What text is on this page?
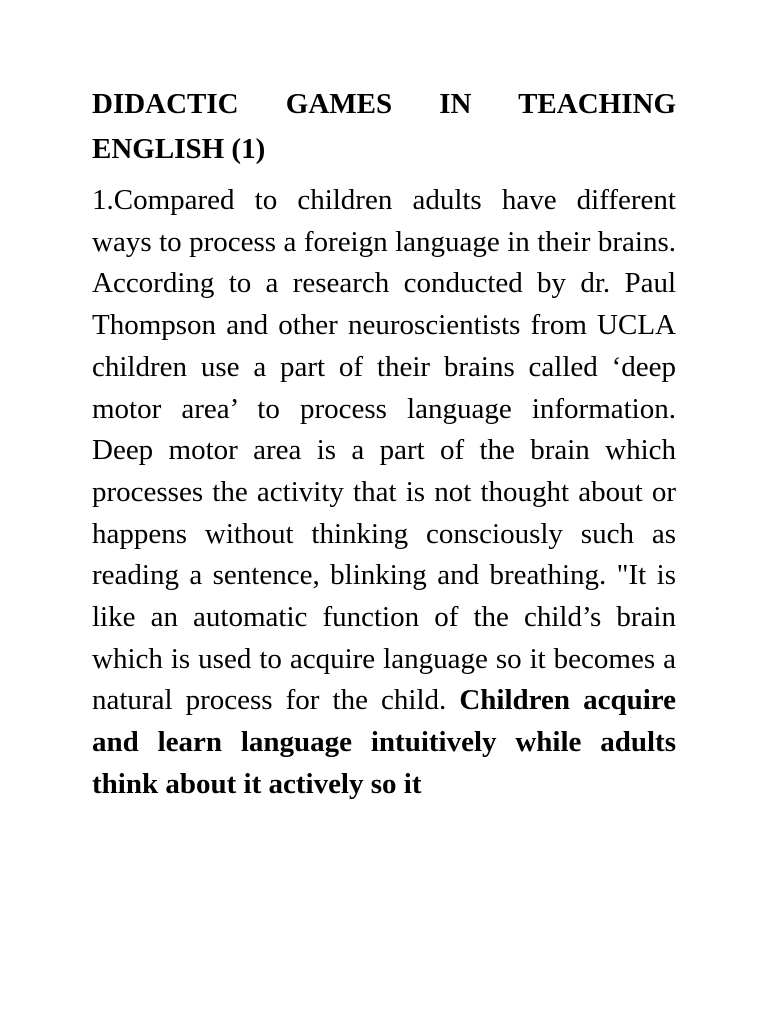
DIDACTIC GAMES IN TEACHING ENGLISH (1)

1.Compared to children adults have different ways to process a foreign language in their brains. According to a research conducted by dr. Paul Thompson and other neuroscientists from UCLA children use a part of their brains called ‘deep motor area’ to process language information. Deep motor area is a part of the brain which processes the activity that is not thought about or happens without thinking consciously such as reading a sentence, blinking and breathing. "It is like an automatic function of the child’s brain which is used to acquire language so it becomes a natural process for the child. Children acquire and learn language intuitively while adults think about it actively so it
